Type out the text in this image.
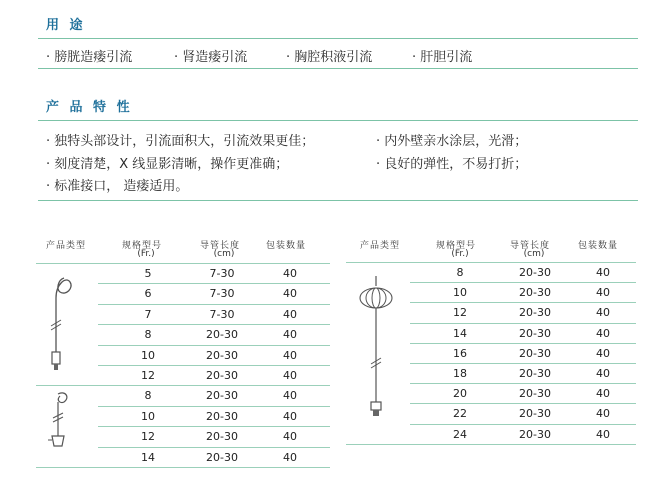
用 途
· 膀胱造瘘引流	· 肾造瘘引流	· 胸腔积液引流	· 肝胆引流
产 品 特 性
· 独特头部设计，引流面积大，引流效果更佳；
· 刻度清楚，X 线显影清晰，操作更准确；
· 标准接口， 造瘘适用。
· 内外壁亲水涂层，光滑；
· 良好的弹性，不易打折；
产品类型	规格型号
(Fr.)
导管长度
(cm)
包装数量	产品类型	规格型号
(Fr.)
导管长度
(cm)
包装数量
5	7-30	40
6	7-30	40
7	7-30	40
8	20-30	40
10	20-30	40
12	20-30	40
8	20-30	40
10	20-30	40
12	20-30	40
14	20-30	40
8	20-30	40
10	20-30	40
12	20-30	40
14	20-30	40
16	20-30	40
18	20-30	40
20	20-30	40
22	20-30	40
24	20-30	40
